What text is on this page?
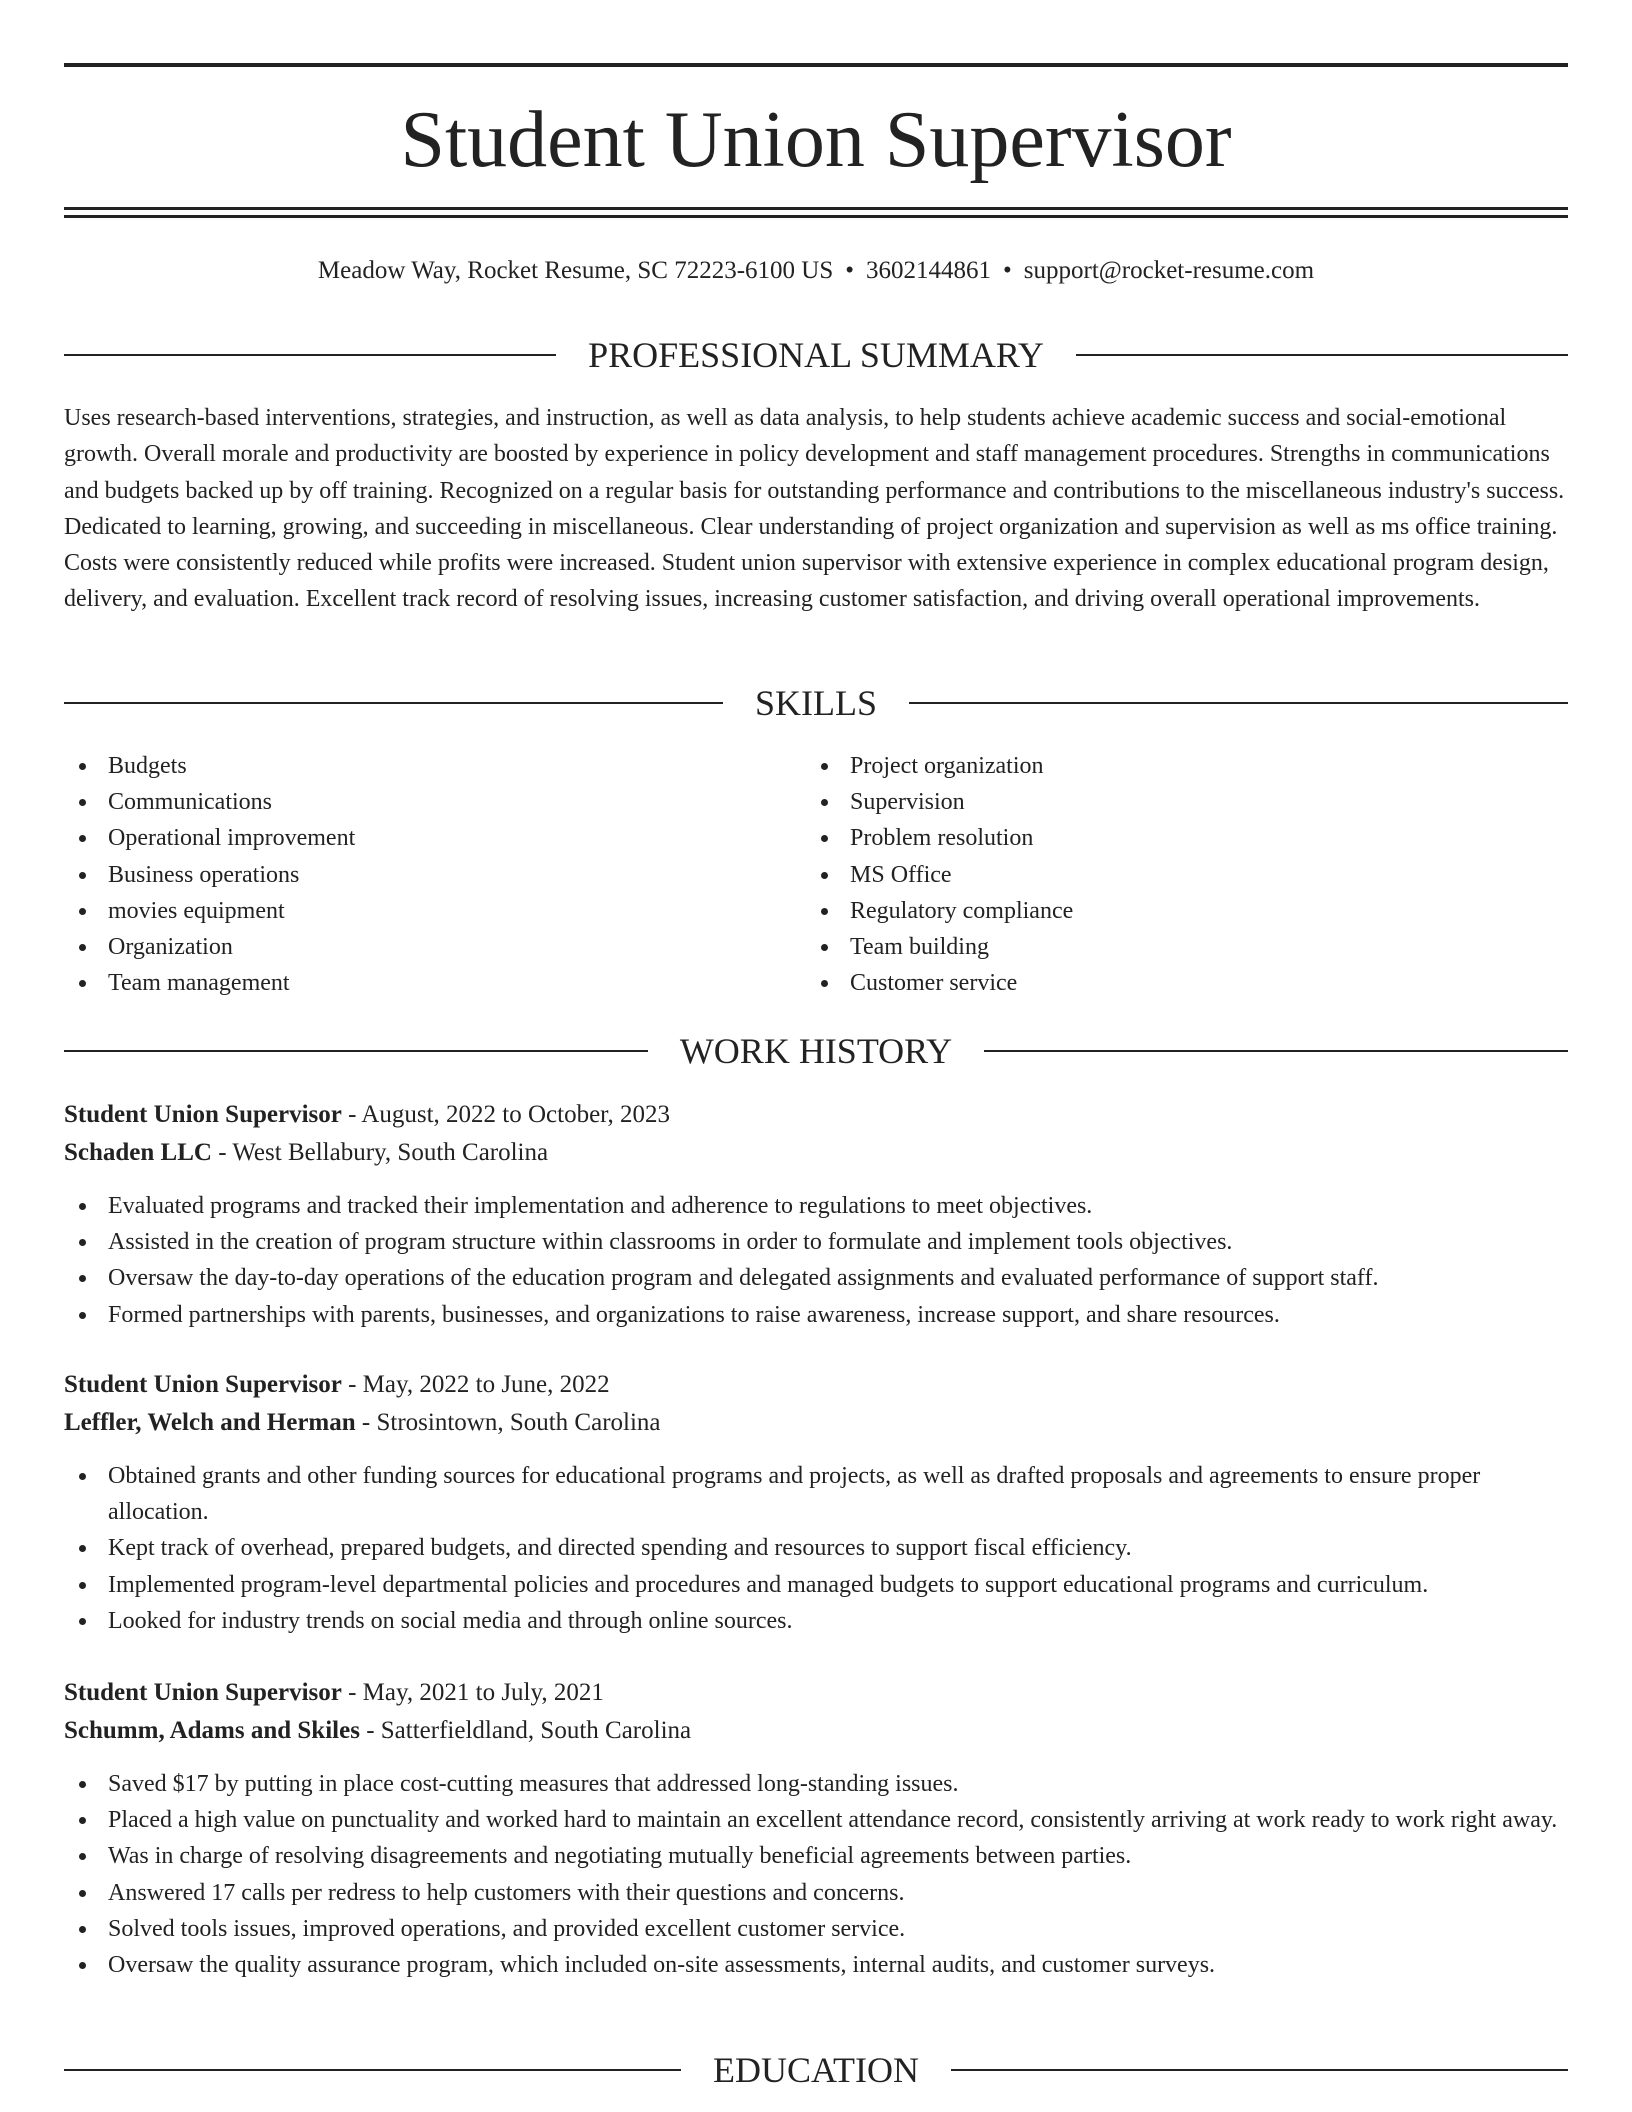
Student Union Supervisor
Meadow Way, Rocket Resume, SC 72223-6100 US • 3602144861 • support@rocket-resume.com
PROFESSIONAL SUMMARY

Uses research-based interventions, strategies, and instruction, as well as data analysis, to help students achieve academic success and social-emotional growth. Overall morale and productivity are boosted by experience in policy development and staff management procedures. Strengths in communications and budgets backed up by off training. Recognized on a regular basis for outstanding performance and contributions to the miscellaneous industry's success. Dedicated to learning, growing, and succeeding in miscellaneous. Clear understanding of project organization and supervision as well as ms office training. Costs were consistently reduced while profits were increased. Student union supervisor with extensive experience in complex educational program design, delivery, and evaluation. Excellent track record of resolving issues, increasing customer satisfaction, and driving overall operational improvements.

SKILLS
Budgets
Communications
Operational improvement
Business operations
movies equipment
Organization
Team management
Project organization
Supervision
Problem resolution
MS Office
Regulatory compliance
Team building
Customer service
WORK HISTORY
Student Union Supervisor - August, 2022 to October, 2023
Schaden LLC - West Bellabury, South Carolina
Evaluated programs and tracked their implementation and adherence to regulations to meet objectives.
Assisted in the creation of program structure within classrooms in order to formulate and implement tools objectives.
Oversaw the day-to-day operations of the education program and delegated assignments and evaluated performance of support staff.
Formed partnerships with parents, businesses, and organizations to raise awareness, increase support, and share resources.
Student Union Supervisor - May, 2022 to June, 2022
Leffler, Welch and Herman - Strosintown, South Carolina
Obtained grants and other funding sources for educational programs and projects, as well as drafted proposals and agreements to ensure proper allocation.
Kept track of overhead, prepared budgets, and directed spending and resources to support fiscal efficiency.
Implemented program-level departmental policies and procedures and managed budgets to support educational programs and curriculum.
Looked for industry trends on social media and through online sources.
Student Union Supervisor - May, 2021 to July, 2021
Schumm, Adams and Skiles - Satterfieldland, South Carolina
Saved $17 by putting in place cost-cutting measures that addressed long-standing issues.
Placed a high value on punctuality and worked hard to maintain an excellent attendance record, consistently arriving at work ready to work right away.
Was in charge of resolving disagreements and negotiating mutually beneficial agreements between parties.
Answered 17 calls per redress to help customers with their questions and concerns.
Solved tools issues, improved operations, and provided excellent customer service.
Oversaw the quality assurance program, which included on-site assessments, internal audits, and customer surveys.
EDUCATION
